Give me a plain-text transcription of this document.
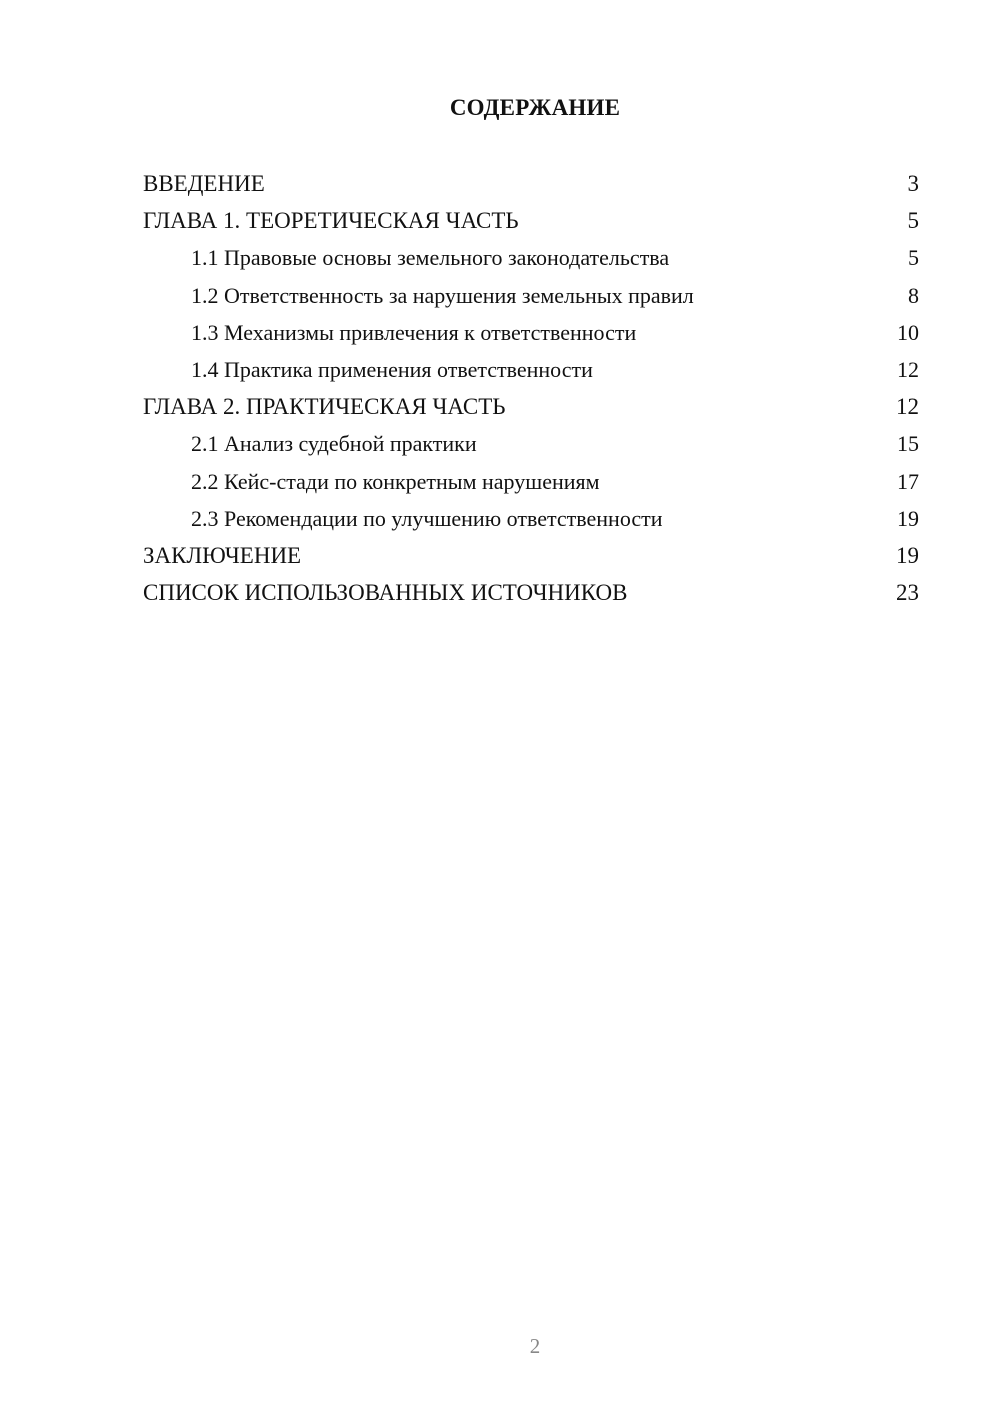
СОДЕРЖАНИЕ
ВВЕДЕНИЕ	3
ГЛАВА 1. ТЕОРЕТИЧЕСКАЯ ЧАСТЬ	5
1.1 Правовые основы земельного законодательства	5
1.2 Ответственность за нарушения земельных правил	8
1.3 Механизмы привлечения к ответственности	10
1.4 Практика применения ответственности	12
ГЛАВА 2. ПРАКТИЧЕСКАЯ ЧАСТЬ	12
2.1 Анализ судебной практики	15
2.2 Кейс-стади по конкретным нарушениям	17
2.3 Рекомендации по улучшению ответственности	19
ЗАКЛЮЧЕНИЕ	19
СПИСОК ИСПОЛЬЗОВАННЫХ ИСТОЧНИКОВ	23
2
